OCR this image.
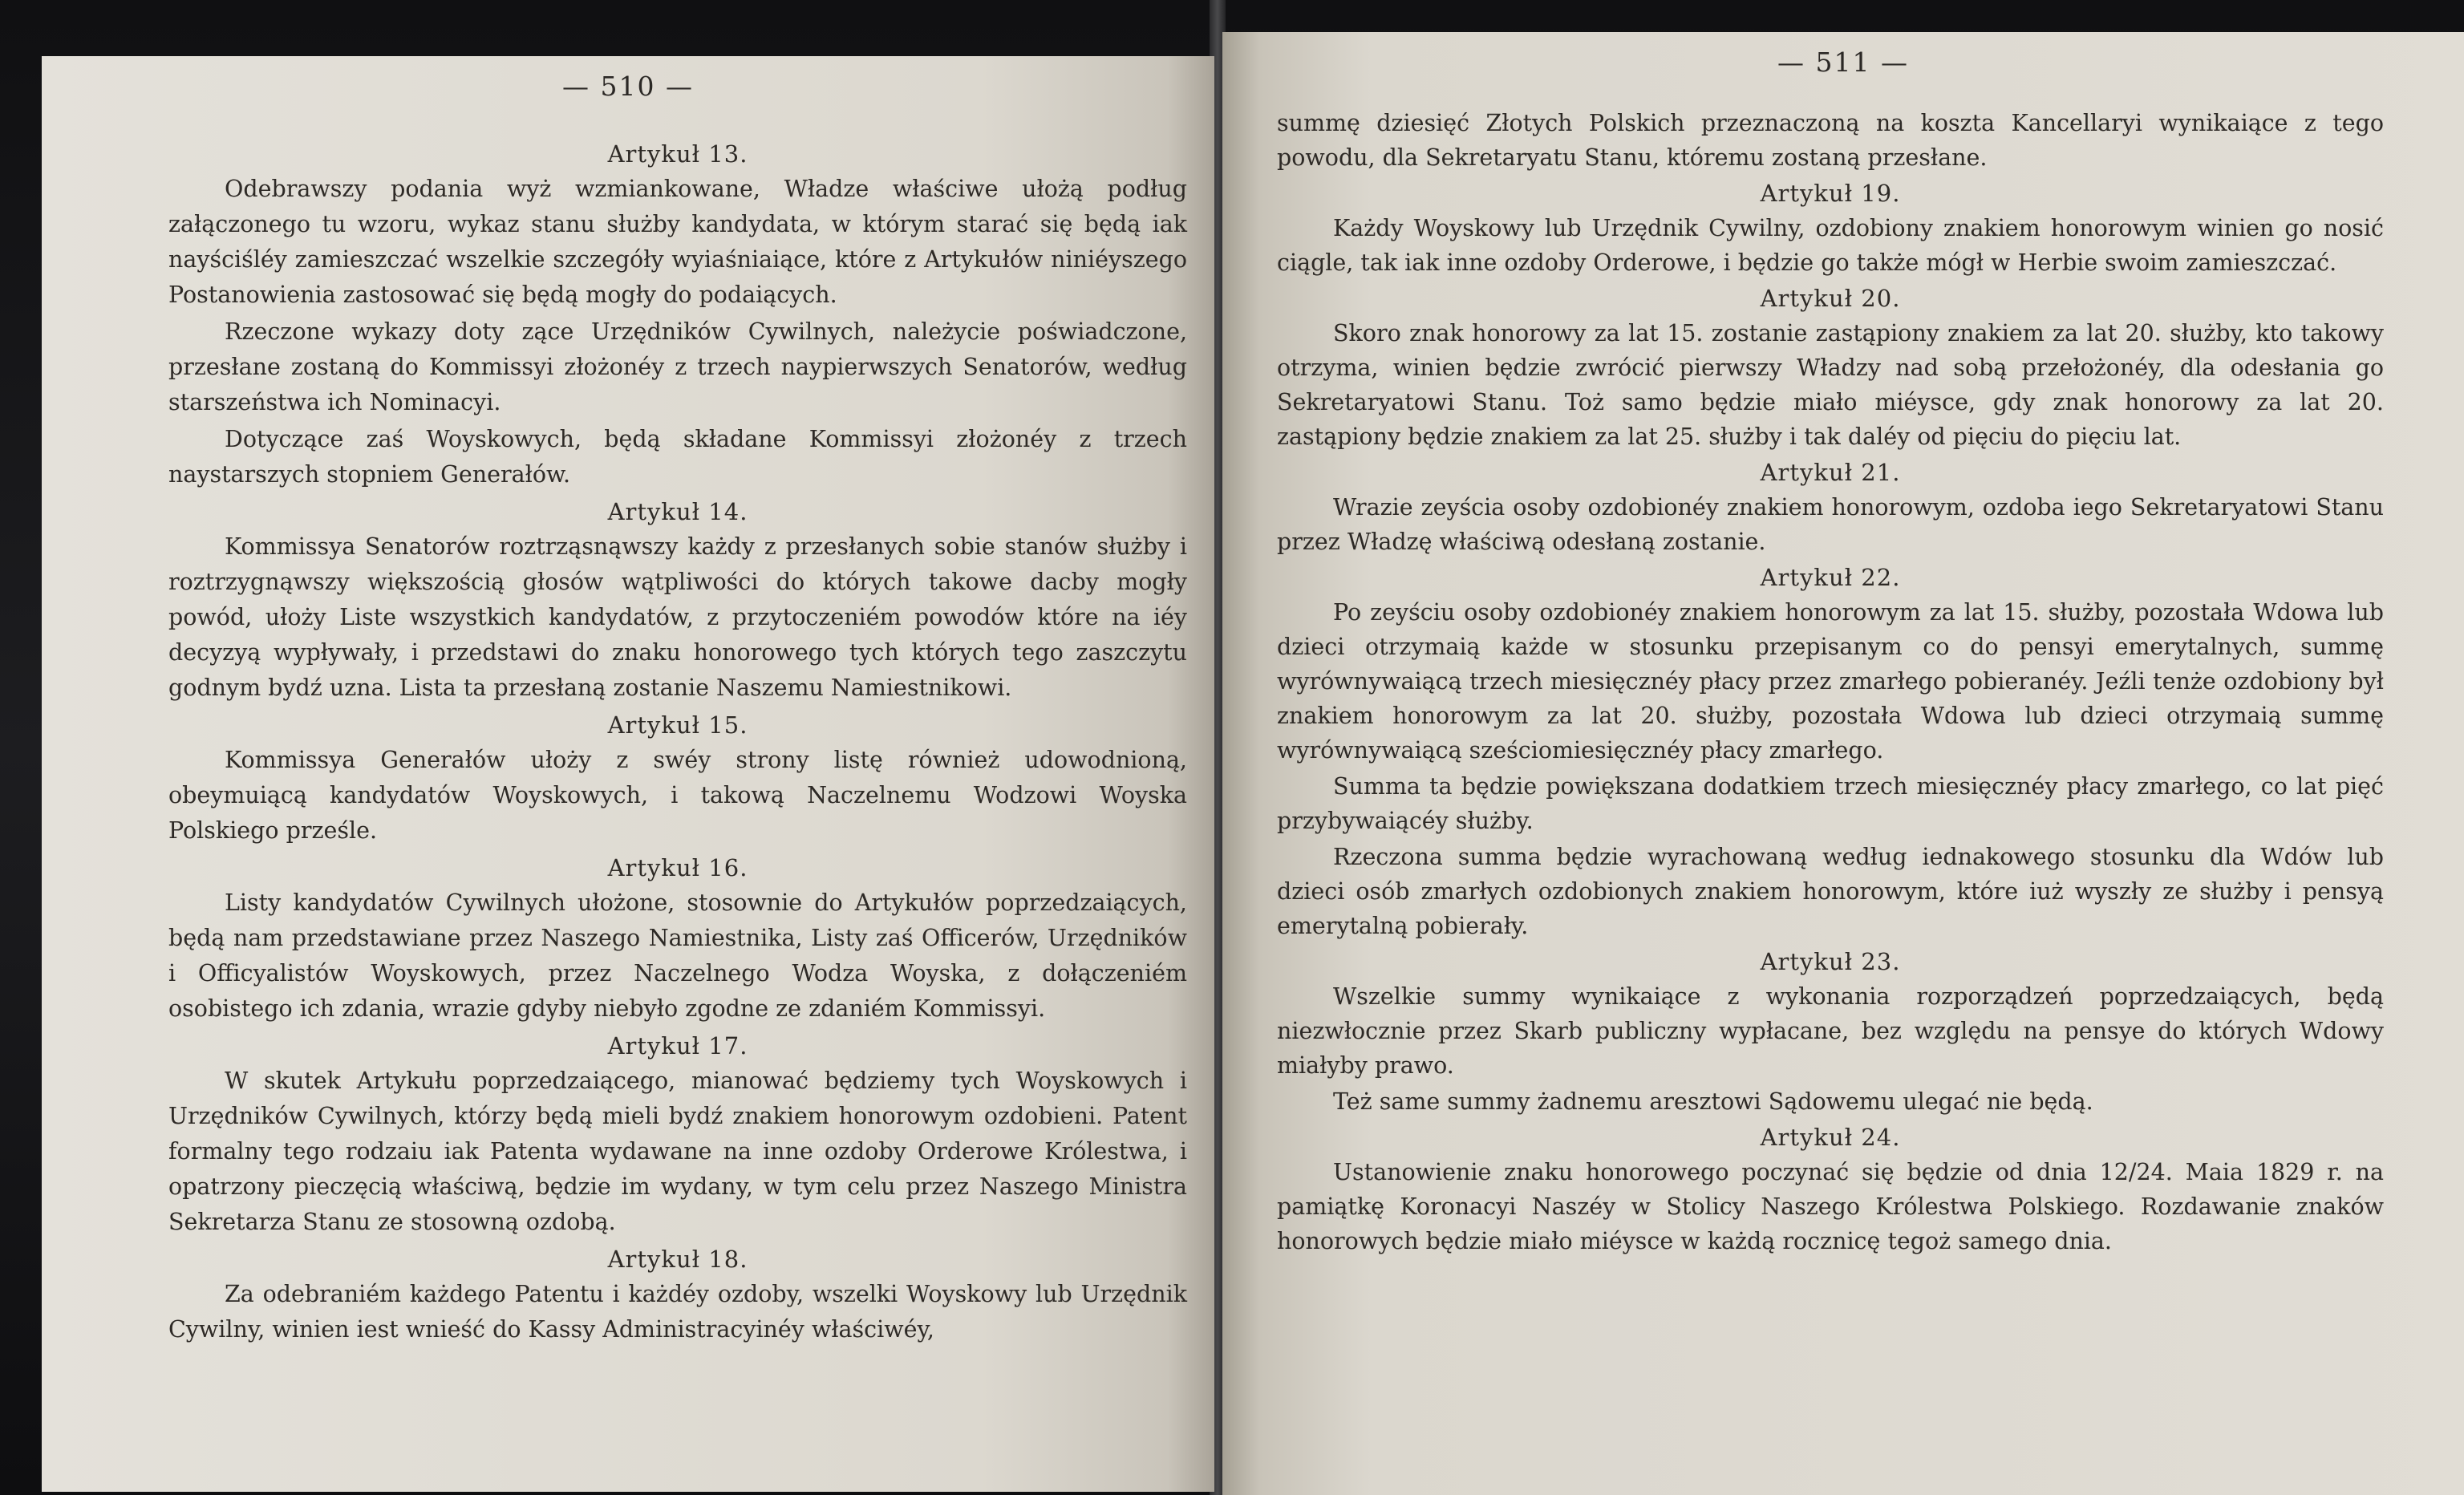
— 510 —
Artykuł 13.

Odebrawszy podania wyż wzmiankowane, Władze właściwe ułożą podług załączonego tu wzoru, wykaz stanu służby kandydata, w którym starać się będą iak nayściśléy zamieszczać wszelkie szczegóły wyiaśniaiące, które z Artykułów niniéyszego Postanowienia zastosować się będą mogły do podaiących.

Rzeczone wykazy doty zące Urzędników Cywilnych, należycie poświadczone, przesłane zostaną do Kommissyi złożonéy z trzech naypierwszych Senatorów, według starszeństwa ich Nominacyi.

Dotyczące zaś Woyskowych, będą składane Kommissyi złożonéy z trzech naystarszych stopniem Generałów.

Artykuł 14.

Kommissya Senatorów roztrząsnąwszy każdy z przesłanych sobie stanów służby i roztrzygnąwszy większością głosów wątpliwości do których takowe dacby mogły powód, ułoży Liste wszystkich kandydatów, z przytoczeniém powodów które na iéy decyzyą wypływały, i przedstawi do znaku honorowego tych których tego zaszczytu godnym bydź uzna. Lista ta przesłaną zostanie Naszemu Namiestnikowi.

Artykuł 15.

Kommissya Generałów ułoży z swéy strony listę również udowodnioną, obeymuiącą kandydatów Woyskowych, i takową Naczelnemu Wodzowi Woyska Polskiego prześle.

Artykuł 16.

Listy kandydatów Cywilnych ułożone, stosownie do Artykułów poprzedzaiących, będą nam przedstawiane przez Naszego Namiestnika, Listy zaś Officerów, Urzędników i Officyalistów Woyskowych, przez Naczelnego Wodza Woyska, z dołączeniém osobistego ich zdania, wrazie gdyby niebyło zgodne ze zdaniém Kommissyi.

Artykuł 17.

W skutek Artykułu poprzedzaiącego, mianować będziemy tych Woyskowych i Urzędników Cywilnych, którzy będą mieli bydź znakiem honorowym ozdobieni. Patent formalny tego rodzaiu iak Patenta wydawane na inne ozdoby Orderowe Królestwa, i opatrzony pieczęcią właściwą, będzie im wydany, w tym celu przez Naszego Ministra Sekretarza Stanu ze stosowną ozdobą.

Artykuł 18.

Za odebraniém każdego Patentu i każdéy ozdoby, wszelki Woyskowy lub Urzędnik Cywilny, winien iest wnieść do Kassy Administracyinéy właściwéy,

— 511 —

summę dziesięć Złotych Polskich przeznaczoną na koszta Kancellaryi wynikaiące z tego powodu, dla Sekretaryatu Stanu, któremu zostaną przesłane.

Artykuł 19.

Każdy Woyskowy lub Urzędnik Cywilny, ozdobiony znakiem honorowym winien go nosić ciągle, tak iak inne ozdoby Orderowe, i będzie go także mógł w Herbie swoim zamieszczać.

Artykuł 20.

Skoro znak honorowy za lat 15. zostanie zastąpiony znakiem za lat 20. służby, kto takowy otrzyma, winien będzie zwrócić pierwszy Władzy nad sobą przełożonéy, dla odesłania go Sekretaryatowi Stanu. Toż samo będzie miało miéysce, gdy znak honorowy za lat 20. zastąpiony będzie znakiem za lat 25. służby i tak daléy od pięciu do pięciu lat.

Artykuł 21.

Wrazie zeyścia osoby ozdobionéy znakiem honorowym, ozdoba iego Sekretaryatowi Stanu przez Władzę właściwą odesłaną zostanie.

Artykuł 22.

Po zeyściu osoby ozdobionéy znakiem honorowym za lat 15. służby, pozostała Wdowa lub dzieci otrzymaią każde w stosunku przepisanym co do pensyi emerytalnych, summę wyrównywaiącą trzech miesięcznéy płacy przez zmarłego pobieranéy. Jeźli tenże ozdobiony był znakiem honorowym za lat 20. służby, pozostała Wdowa lub dzieci otrzymaią summę wyrównywaiącą sześciomiesięcznéy płacy zmarłego.

Summa ta będzie powiększana dodatkiem trzech miesięcznéy płacy zmarłego, co lat pięć przybywaiącéy służby.

Rzeczona summa będzie wyrachowaną według iednakowego stosunku dla Wdów lub dzieci osób zmarłych ozdobionych znakiem honorowym, które iuż wyszły ze służby i pensyą emerytalną pobierały.

Artykuł 23.

Wszelkie summy wynikaiące z wykonania rozporządzeń poprzedzaiących, będą niezwłocznie przez Skarb publiczny wypłacane, bez względu na pensye do których Wdowy miałyby prawo.

Też same summy żadnemu aresztowi Sądowemu ulegać nie będą.

Artykuł 24.

Ustanowienie znaku honorowego poczynać się będzie od dnia 12/24. Maia 1829 r. na pamiątkę Koronacyi Naszéy w Stolicy Naszego Królestwa Polskiego. Rozdawanie znaków honorowych będzie miało miéysce w każdą rocznicę tegoż samego dnia.
